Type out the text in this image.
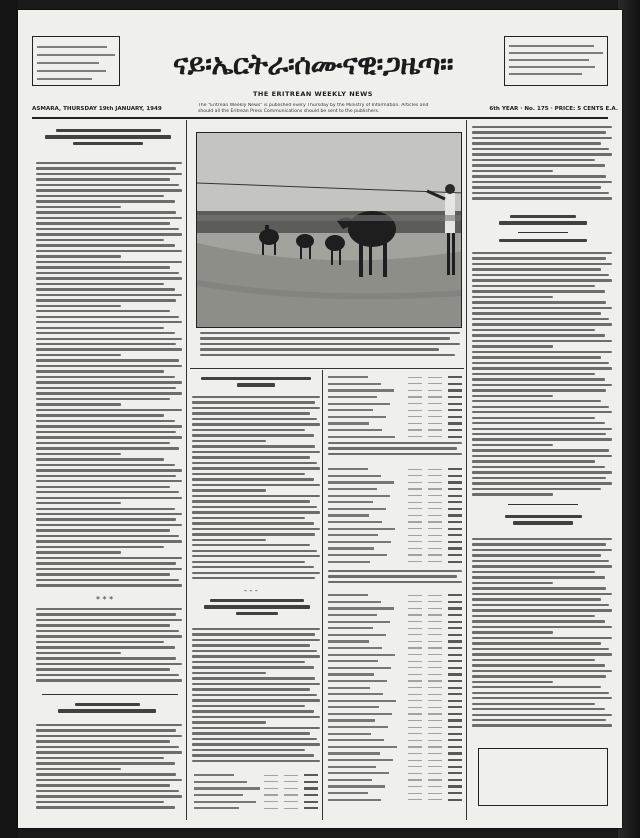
ናይ፡ኤርትራ፡ሰሙናዊ፡ጋዜጣ።
THE ERITREAN WEEKLY NEWS
ASMARA, THURSDAY 19th JANUARY, 1949
The "Eritrean Weekly News" is published every Thursday by the Ministry of Information. Articles and should all the Eritrean Press Communications should be sent to the publishers.	6th YEAR · No. 175 · PRICE: 5 CENTS E.A.
* * *
- - -
